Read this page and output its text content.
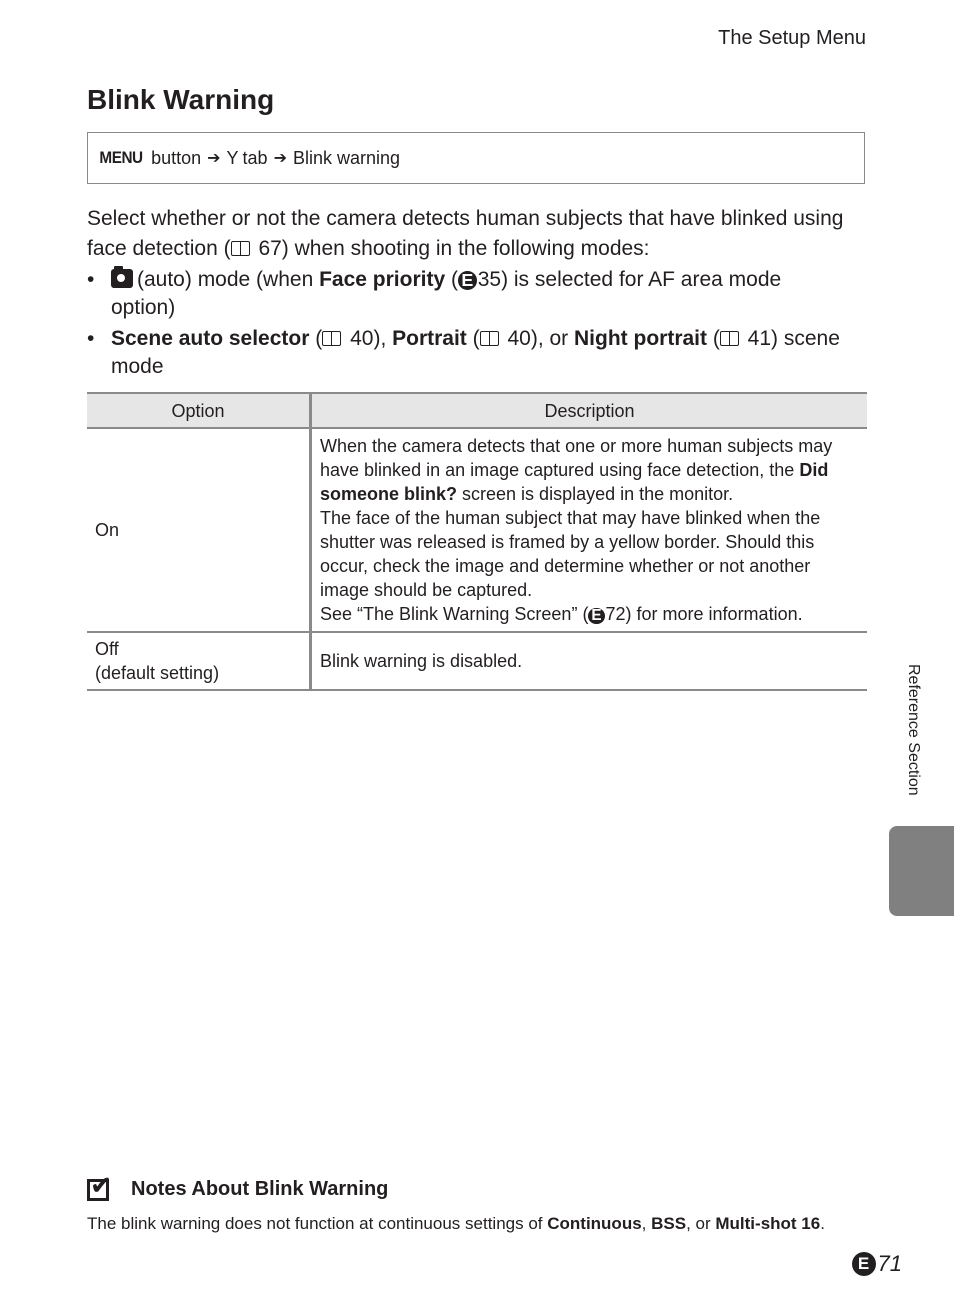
The Setup Menu
Blink Warning
MENU button ➔ Y tab ➔ Blink warning

Select whether or not the camera detects human subjects that have blinked using face detection ( 67) when shooting in the following modes:

• (auto) mode (when Face priority ( E 35) is selected for AF area mode option)
• Scene auto selector ( 40), Portrait ( 40), or Night portrait ( 41) scene mode
Option	Description
On	When the camera detects that one or more human subjects may have blinked in an image captured using face detection, the Did someone blink? screen is displayed in the monitor.
The face of the human subject that may have blinked when the shutter was released is framed by a yellow border. Should this occur, check the image and determine whether or not another image should be captured.
See “The Blink Warning Screen” ( E 72) for more information.
Off
(default setting)	Blink warning is disabled.
Reference Section
✔
Notes About Blink Warning
The blink warning does not function at continuous settings of Continuous, BSS, or Multi-shot 16.
E 71
